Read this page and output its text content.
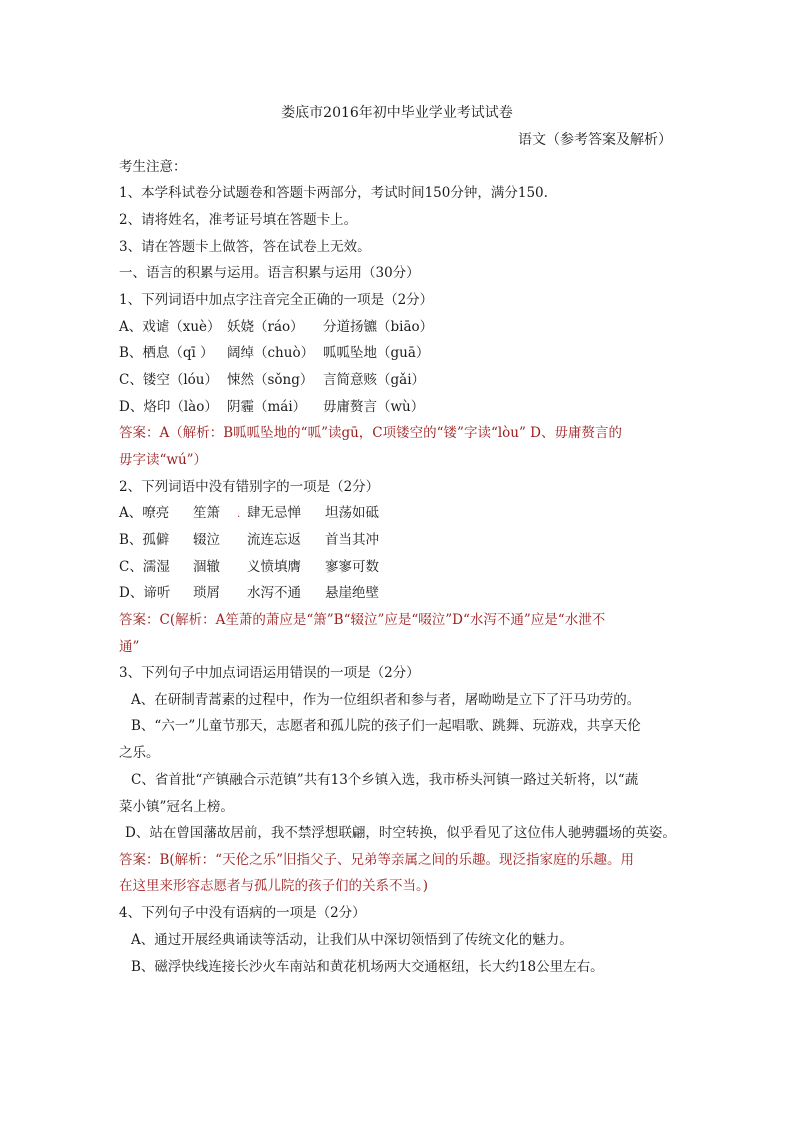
娄底市2016年初中毕业学业考试试卷
语文（参考答案及解析）
考生注意：
1、本学科试卷分试题卷和答题卡两部分，考试时间150分钟，满分150.
2、请将姓名，准考证号填在答题卡上。
3、请在答题卡上做答，答在试卷上无效。
一、语言的积累与运用。语言积累与运用（30分）
1、下列词语中加点字注音完全正确的一项是（2分）
A、戏谑（xuè） 妖娆（ráo） 分道扬镳（biāo）
B、栖息（qī ） 阔绰（chuò） 呱呱坠地（guā）
C、镂空（lóu） 悚然（sǒng） 言简意赅（gǎi）
D、烙印（lào） 阴霾（mái） 毋庸赘言（wù）
答案：A（解析：B呱呱坠地的“呱”读gū，C项镂空的“镂”字读“lòu” D、毋庸赘言的
毋字读“wú”）
2、下列词语中没有错别字的一项是（2分）
A、嘹亮 笙箫 . 肆无忌惮 坦荡如砥
B、孤僻 辍泣 流连忘返 首当其冲
C、濡湿 涸辙 义愤填膺 寥寥可数
D、谛听 琐屑 水泻不通 悬崖绝壁
答案：C(解析：A笙萧的萧应是“箫”B“辍泣”应是“啜泣”D“水泻不通”应是“水泄不
通”
3、下列句子中加点词语运用错误的一项是（2分）
A、在研制青蒿素的过程中，作为一位组织者和参与者，屠呦呦是立下了汗马功劳的。
B、“六一”儿童节那天，志愿者和孤儿院的孩子们一起唱歌、跳舞、玩游戏，共享天伦
之乐。
C、省首批“产镇融合示范镇”共有13个乡镇入选，我市桥头河镇一路过关斩将，以“蔬
菜小镇”冠名上榜。
D、站在曾国藩故居前，我不禁浮想联翩，时空转换，似乎看见了这位伟人驰骋疆场的英姿。
答案：B(解析：“天伦之乐”旧指父子、兄弟等亲属之间的乐趣。现泛指家庭的乐趣。用
在这里来形容志愿者与孤儿院的孩子们的关系不当。)
4、下列句子中没有语病的一项是（2分）
A、通过开展经典诵读等活动，让我们从中深切领悟到了传统文化的魅力。
B、磁浮快线连接长沙火车南站和黄花机场两大交通枢纽，长大约18公里左右。
